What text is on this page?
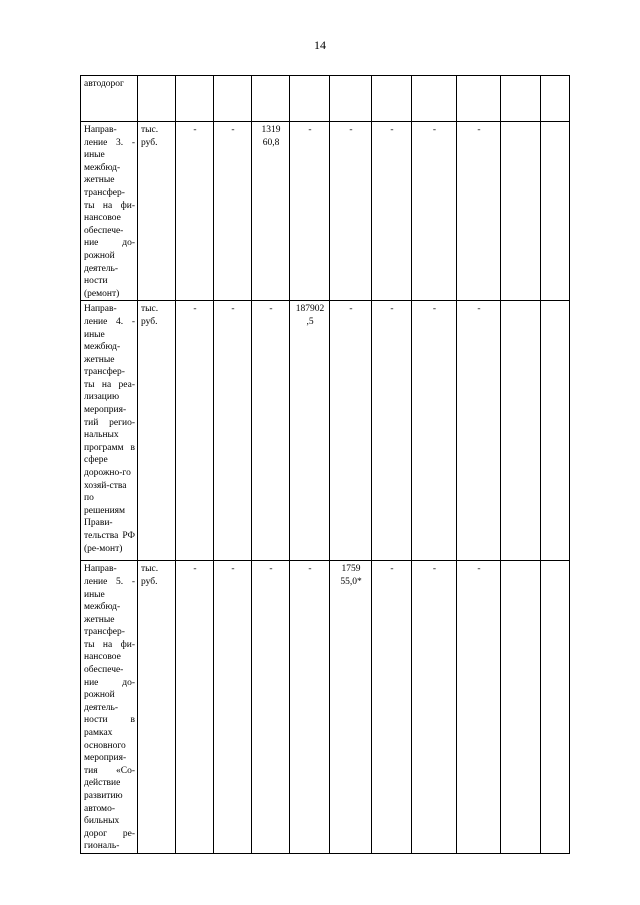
14
автодорог												
Направ-ление 3. - иные межбюд-жетные трансфер-ты на фи-нансовое обеспече-ние до-рожной деятель-ности (ремонт)	тыс. руб.	-	-	1319 60,8	-	-	-	-	-			
Направ-ление 4. - иные межбюд-жетные трансфер-ты на реа-лизацию мероприя-тий регио-нальных программ в сфере дорожно-го хозяй-ства по решениям Прави-тельства РФ (ре-монт)	тыс. руб.	-	-	-	187902 ,5	-	-	-	-			
Направ-ление 5. - иные межбюд-жетные трансфер-ты на фи-нансовое обеспече-ние до-рожной деятель-ности в рамках основного мероприя-тия «Со-действие развитию автомо-бильных дорог ре-гиональ-	тыс. руб.	-	-	-	-	1759 55,0*	-	-	-			
